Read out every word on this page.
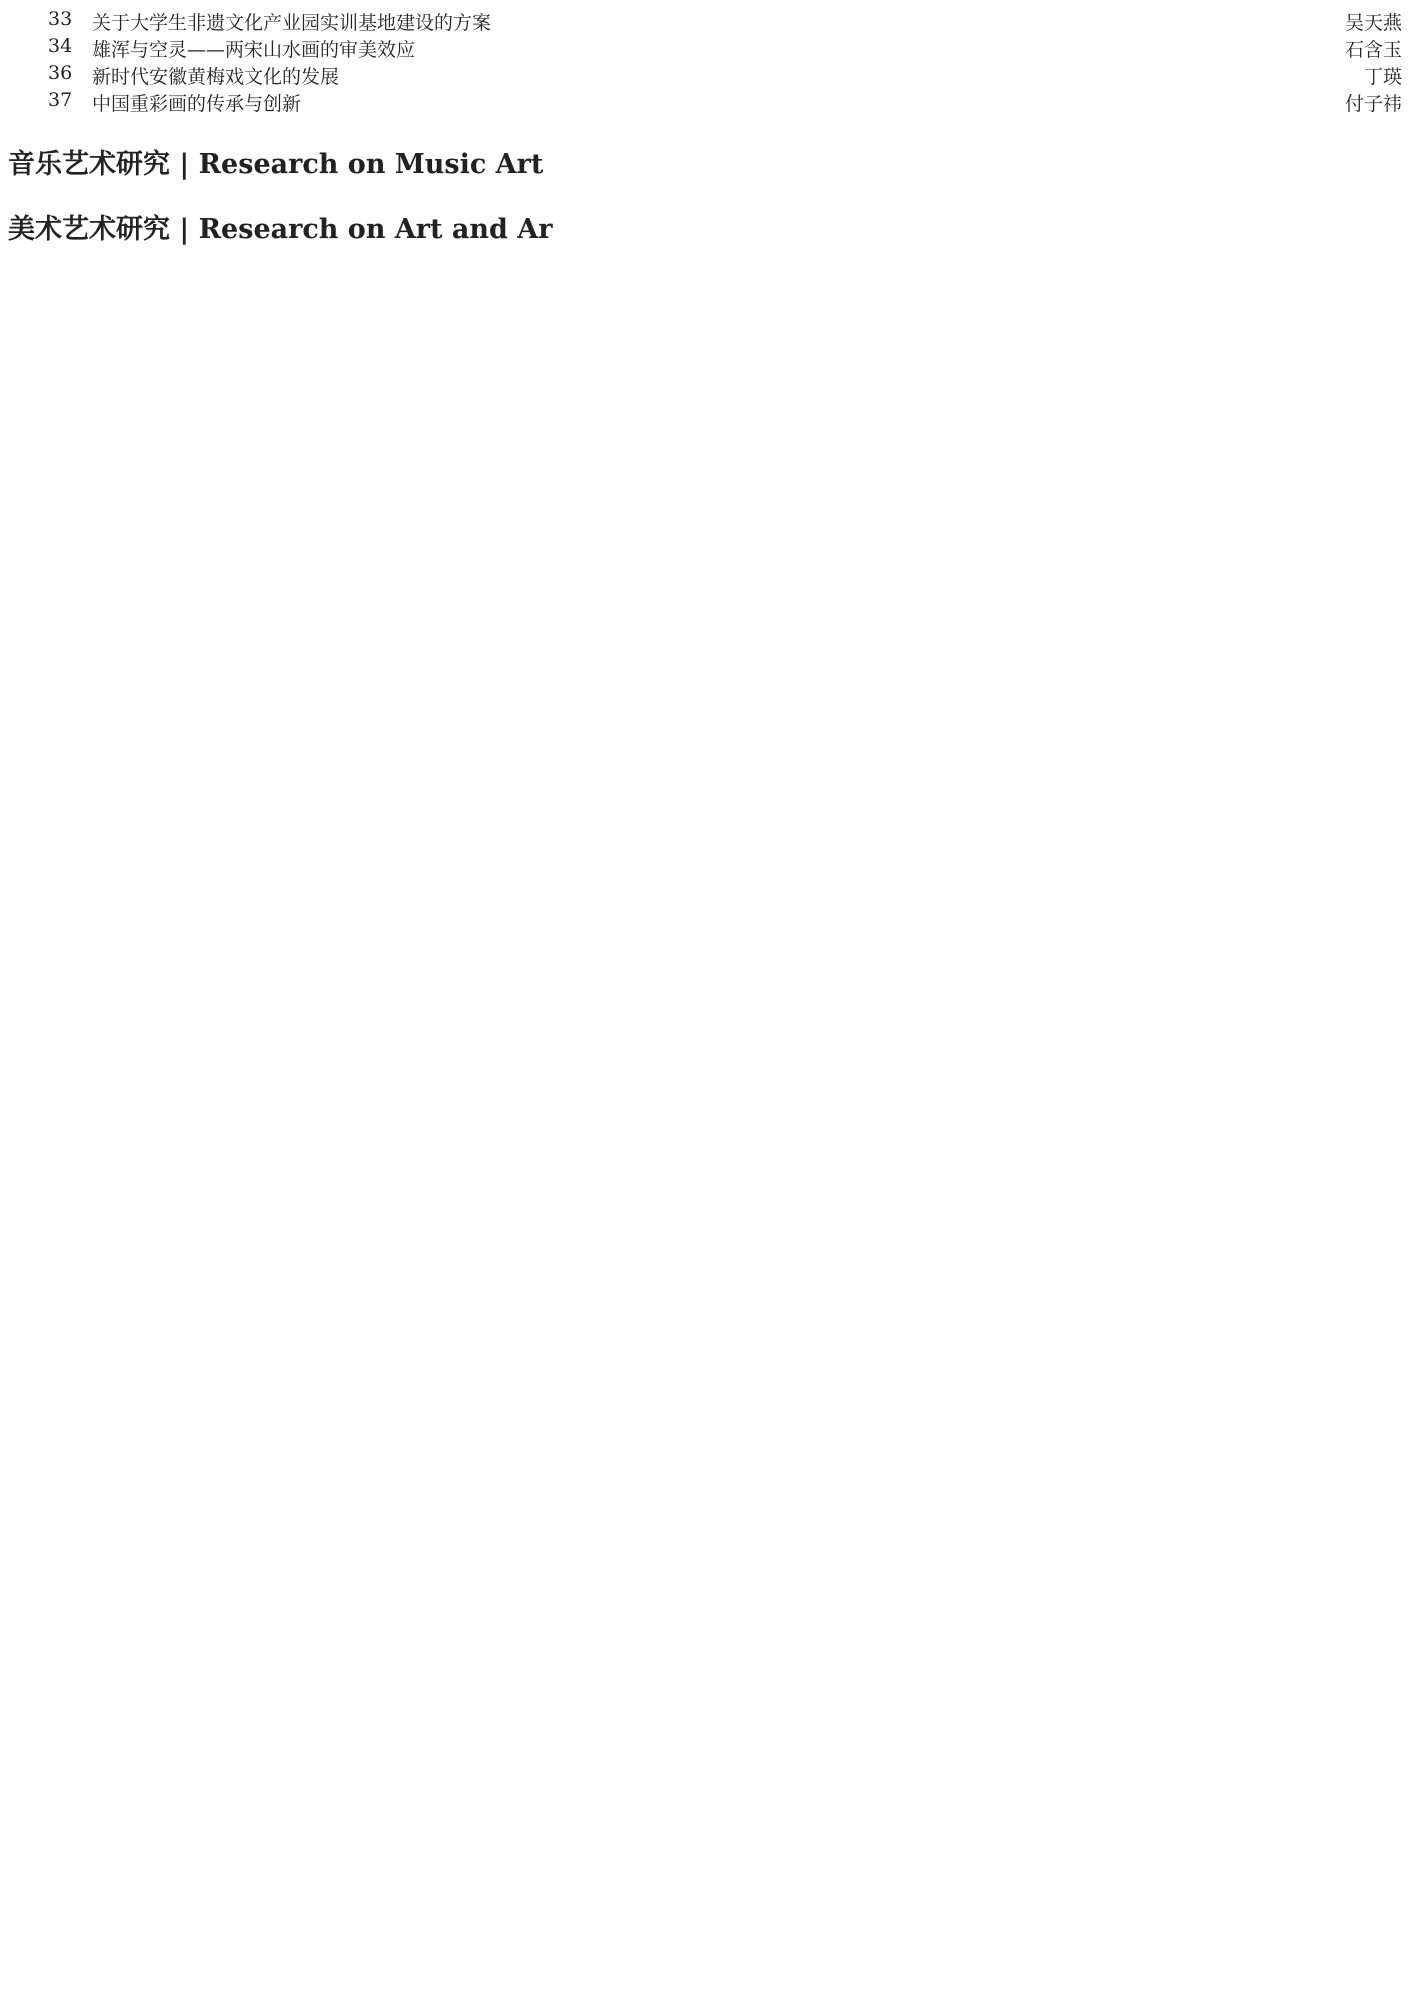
33	关于大学生非遗文化产业园实训基地建设的方案	吴天燕
34	雄浑与空灵——两宋山水画的审美效应	石含玉
36	新时代安徽黄梅戏文化的发展	丁瑛
37	中国重彩画的传承与创新	付子祎
音乐艺术研究 | Research on Music Art
美术艺术研究 | Research on Art and Ar
